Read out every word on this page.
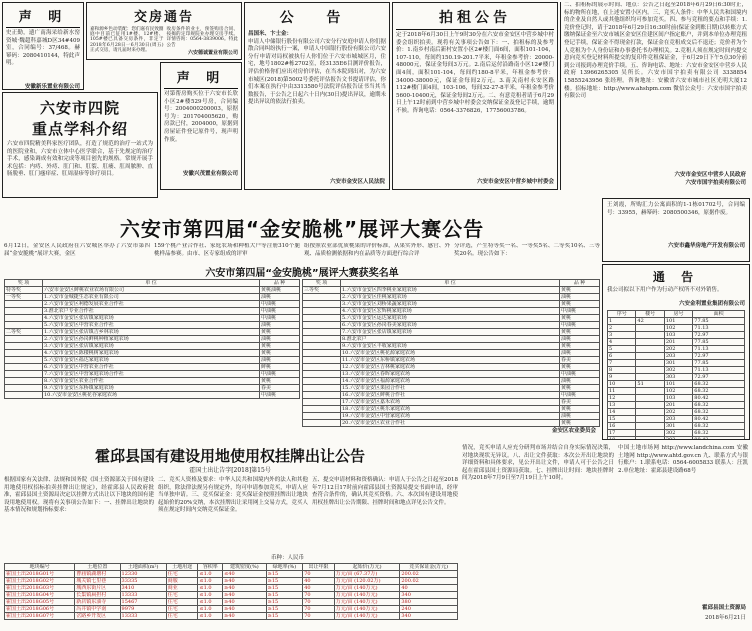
声 明
史正勤，遗广南海采给新水窑资城·魏超科嘉城D区34#409室，合同编号：37/468。赫幂码：2080410144，特此声明。
安徽新乐置业有限公司
交房通告
嘉和源乡色动装配：您们嘉有民致圈庭中目前已征用1#楼、12#楼、105#楼已具备交房条件，非定于2018年6月28日一6月30日(周五)正式交房，请凡届时来办理。
收房条件的业主，预签购房合同、按揭的定印规院业办理交房手续。详情咨询：0564-3839006。特此公告
六安德诚置业有限公司
公 告
昌国米、卞士金：
申请人中储银行股份有限公司六安分行安庭申请人你们据散合同纠纷执行一案，申请人中国银行股份有限公司六安分行申请对局权被执行人你们位于六安市城城区月，住宅，地号1802#栋2702室，经3135E6目测评价报告，评估价格你们应出对房价评估，在当本院到出对，为六安市城区(2018)第5002号委托评估报告文书提请评估，你们本案在执行中由3313580号法院评估报告证书当其当数报告，于公告之日起六十日内(30日)提出异议，逾期未提出异议的依法行拍卖。
六安市金安区人民法院
拍租公告
定于2018年6月30日上午9时30分在六安市金安区中营乡城中村委会组织拍卖。现将有关事项公告如下：一、拍租标的及参考价：1.南乡村南后新村安置小区2#楼门面6间，面积101-104，107-110，每间约150.19-201.7平米，年租金参考价：20000-48000元，保证金每间3万元。2.南后运付沿路南小区12#楼门面4间，面积101-104，每间约180-8平米，年租金参考价：34000-38000元，保证金每间2万元。3.南关南村永安区路112#楼门面4间，103-106，每间32-27-8平米，年租金参考价5600-10400元，保证金每间2万元。二、有意竞租者请于6月29日上午12时前到中营乡城中村委会交纳保证金及登记手续，逾期不候。咨询电话：0564-3376826，17756003786。
六安市金安区中营乡城中村委会
二、拍租标的展示时间、地点：公告之日起至2018年6月29日6:30时止，标的物所在地，在上述安置小区内。三、竞买人条件：中华人民共和国境内的企业及自然人或其他组织均可参加竞买。四、参与竞租的要点和手续：1.竞价登记时，请于2018年6月29日16:30时前(保证金到账日期)以转账方式缴纳保证金至六安市城区金安区住建区间户指定账户，并到本单位办理竞租登记手续，保证金不得现金打款，保证金在竞租成交后不退还；竞价者为个人竞租为个人身份证和办事委托书办理相关。2.竞租人须在规定时间内提交意向竞买登记材料所提交的复印件竞租保证金，于6月29日下午5点30分前到公司报到办理竞价手续。五、咨询电话、地址：六安市金安区中营乡人民政府 13966265305 吴所长。六安市国宇拍卖有限公司 3338854 15855243956 张经理。咨询地址：安徽省六安市城市社区光明大厦12楼。招标地址：http://www.ahshpm.com 微信公众号：六安市国宇拍卖有限公司
六安市金安区中营乡人民政府
六安市国宇拍卖有限公司
六安市四院
重点学科介绍
六安市四院精美科家医疗团队，打造了规范的治疗一站式为的医院业和，六安市立体中心医学联合，基于先规定的治疗手术，感染调成有效和完成等项目创先的规格。常规开展手术包括：内痔、外痔、肛门和、肛裂、肛瘘、肛周脓肿、直肠脱垂、肛门瘙痒症、肛周湿疹等诊疗项目。
声 明
对第帮房购买位于六安市长欣小区2#楼529号房，合同编号：2004000200003，原据号为：201704005620，购房款已付，2004000，原据到房屋证件登记原件号，现声明作废。
安徽兴茂置业有限公司
六安市第四届“金安脆桃”展评大赛公告
6月12日，金安区人民政府在六安城区举办了六安市第四届“金安脆桃”展评大赛，金区
159个桃产业合作社、家庭农场和种植大户等注册310个脆桃样品参赛。由市、区专家组成的评审
组按照农业部优质桃果的评价标准，从果实外形、感官、外观、品质检测依据和内在品质等方面进行综合评
分评选，产生特等奖一名、一等奖5名、二等奖10名、三等奖20名。现公告如下：
六安市第四届“金安脆桃”展评大赛获奖名单
奖 项	单 位	品 种
特等奖	六安市金安区鲜桃农业农场有限公司	黄桃油桃
一等奖	1.六安市金城捷生态农业有限公司	油桃
	2.六安市金安区利德发展农业合作社	中油桃
	3.淮北农户专业合作社	中油桃
	4.六安市金安区张店镇家庭农场	中油桃
	5.六安市金安区中营农业合作社	油桃
二等奖	1.六安市金安区张店镇吉乡林农场	黄桃
	2.六安市金安区孙岗鲜桃种植家庭农场	油桃
	3.六安市金安区张店镇家庭农场	黄桃
	4.六安市金安区陈楼桃树家庭农场	黄桃
	5.六安市金安区福达家庭农场	油桃
	6.六安市金安区中营农业合作社	鲜桃
	7.六安市金安区中营家庭农场合作社	中油桃
	8.六安市金安区农业合作社	黄桃
	9.六安市金安区东桥镇家庭农场	春美
	10.六安市金安区桃花谷家庭农场	中油桃
奖 项	单 位	品 种
三等奖	1.六安市金安区四季桃业家庭农场	黄桃
	2.六安市金安区佳桃家庭农场	油桃
	3.六安市金安区刘桥果蔬家庭农场	黄桃
	4.六安市金安区宏辉桃家庭农场	中油桃
	5.六安市金安区运达家庭农场	黄桃
	6.六安市金安区孙岗春美家庭农场	中油桃
	7.六安市金安区张店镇家庭农场	黄桃
	8.淮北农户	油桃
	9.六安市金安区丰收家庭农场	黄桃
	10.六安市金安区桃花源家庭农场	油桃
	11.六安市金安区东桥镇家庭农场	春美
	12.六安市金安区吉林桃家庭农场	黄桃
	13.六安市金安区春晖家庭农场	中油桃
	14.六安市金安区福源家庭农场	油桃
	15.六安市金安区果园合作社	黄桃
	16.六安市金安区鲜桃合作社	中油桃
	17.六安市金安区嘉禾农场	春美
	18.六安市金安区桃乐家庭农场	黄桃
	19.六安市金安区中营家庭农场	油桃
	20.六安市金安区农业合作社	黄桃
金安区农业委员会
王刘霞，所购汇力公寓面积的1-1栋01702号，合同编号：33955，赫幂码：2080500346，原据作废。
六安市鑫华房地产开发有限公司
通 告
我公司拟以下用户作为行动产权所不对外销售。
六安金利置业集团有限公司
序号	楼号	房号	面积
1	42	101	77.85
2		102	71.13
3		103	72.97
4		201	77.85
5		202	71.13
6		203	72.97
7		301	77.85
8		302	71.13
9		303	72.97
10	51	101	68.32
11		102	68.32
12		103	80.42
13		201	68.32
14		202	68.32
15		203	80.42
16		301	68.32
17		302	68.32
18		303	80.42

霍邱县国有建设用地使用权挂牌出让公告
霍国土出让告字[2018]第15号
根据国家有关法律、法规和国务院《国土资源部关于国有建设用地使用权招标拍卖挂牌出让规定》，经霍邱县人民政府批准，霍邱县国土资源局决定以挂牌方式出让以下地块的国有建设用地使用权。现将有关事项公告如下：一、挂牌出让地块的基本情况和规划指标要求：
二、竞买人资格及要求：中华人民共和国境内外的法人和其他组织，除法律法规另有规定外，均可申请参加竞买，申请人应当单独申请。三、竞买保证金：竞买保证金按照挂牌出让地块起始价的20%交纳，本次挂牌出让采用网上交易方式，竞买人须在规定时间内交纳竞买保证金。
五、提交申请材料和资格确认：申请人于公告之日起至2018年7月12日17时前向霍邱县国土资源局提交书面申请，经审查符合条件的，确认其竞买资格。六、本次国有建设用地使用权挂牌出让公告期限、挂牌时间和地点详见公告文件。
情况，竞买申请人应充分研判市场并结合自身实际情况决策，对地块现状无异议。八、出让文件获取：本次公开出让地块的详细资料和具体要求，见公开出让文件，申请人可于公告之日起在霍邱县国土资源局获取。七、挂牌出让时间：地块挂牌时间为2018年7月9日至7月19日上午10时。
中国土地市场网 http://www.landchina.com 安徽土地网 http://www.ahtd.gov.cn 九、联系方式与银行账户：1.联系电话：0564-6005833 联系人：汪凯 2.单位地址：霍邱县建设路68号
霍邱县国土资源局
2018年6月21日
币种：人民币
地块编号	土地位置	土地面积(m²)	土地用途	容积率	建筑密度(%)	绿地率(%)	出让年限	起始价(万元)	竞买保证金(万元)
霍国土出2018G01号	曹庙镇湖塘村	12330	住宅	≤1.0	≤40	≥15	70	万元/亩 (67.37万)	200.02
霍国土出2018G02号	城关镇七里巷	33335	商服	≤1.0	≥40	≥15	40	万元/亩 (120.02万)	200.02
霍国土出2018G03号	城西东街片区	3410	商业	≤1.0	≥40	≥15	40	万元/亩 (140万元)	40
霍国土出2018G04号	长集镇扁担村	13333	住宅	≤1.0	≥40	≥15	70	万元/亩 (140万元)	340
霍国土出2018G05号	新店镇东油寺	15467	住宅	≤1.0	≥40	≥15	70	万元/亩 (140万元)	380
霍国土出2018G06号	冯井镇中学南	9979	住宅	≤1.0	≥40	≥15	70	万元/亩 (140万元)	240
霍国土出2018G07号	岔路乡开发区	13333	住宅	≤1.0	≥40	≥15	70	万元/亩 (140万元)	340
